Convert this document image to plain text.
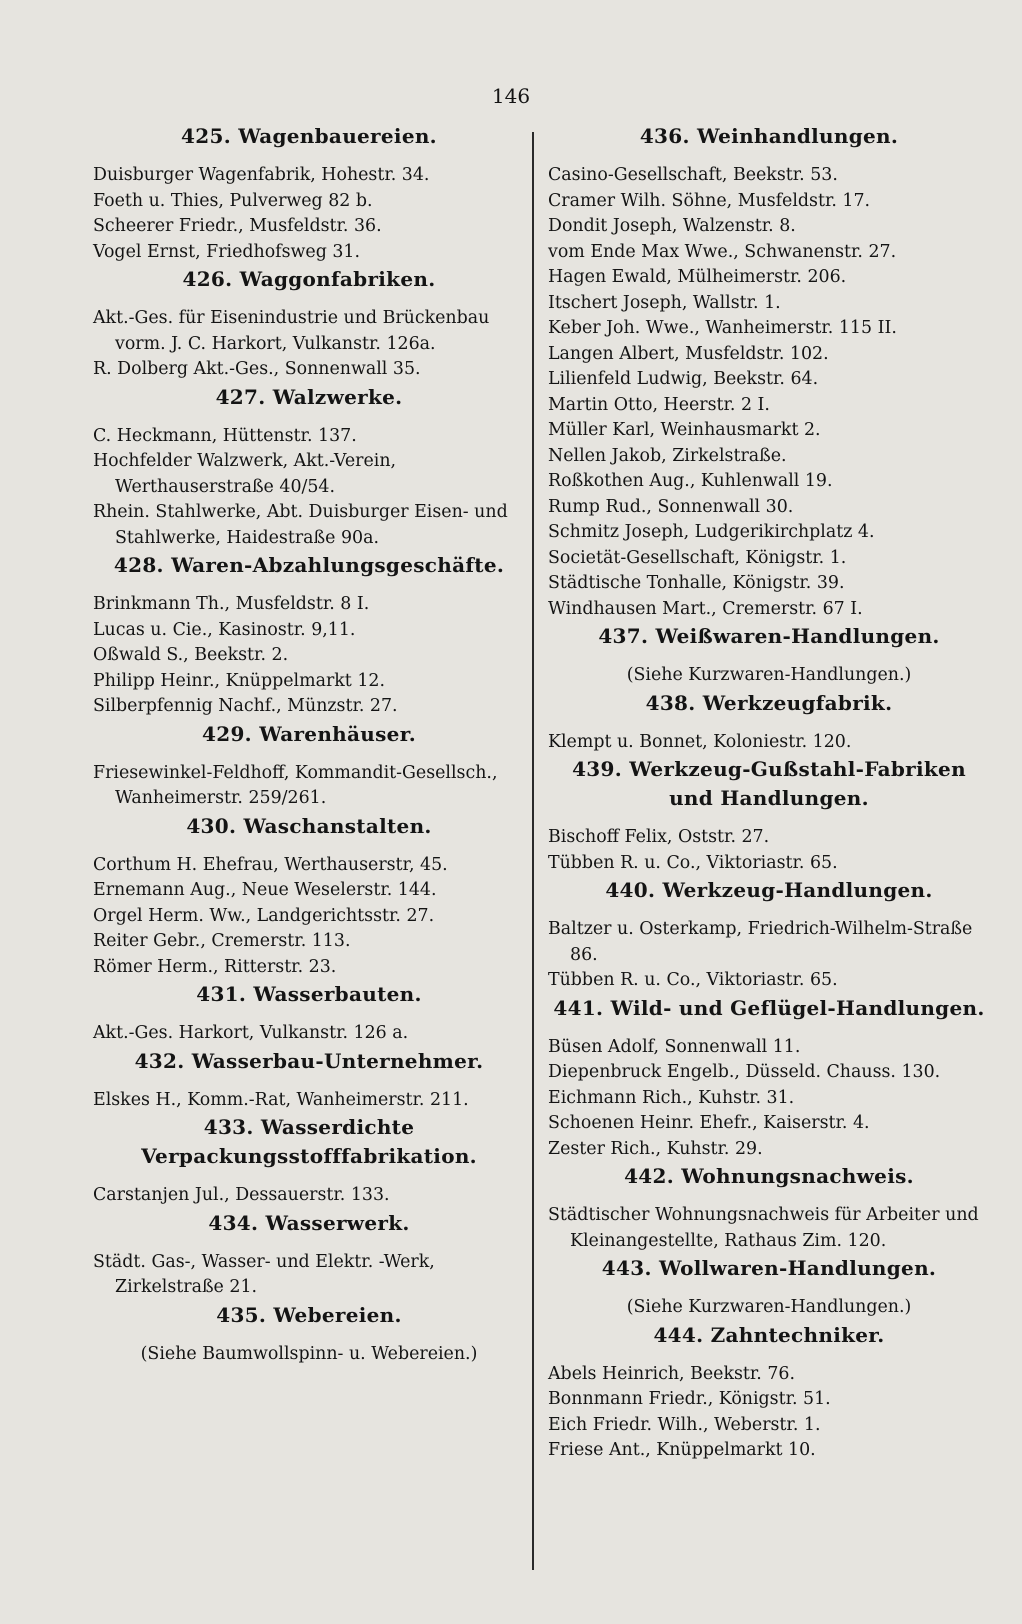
146
425. Wagenbauereien.
Duisburger Wagenfabrik, Hohestr. 34.
Foeth u. Thies, Pulverweg 82 b.
Scheerer Friedr., Musfeldstr. 36.
Vogel Ernst, Friedhofsweg 31.
426. Waggonfabriken.
Akt.-Ges. für Eisenindustrie und Brückenbau vorm. J. C. Harkort, Vulkanstr. 126a.
R. Dolberg Akt.-Ges., Sonnenwall 35.
427. Walzwerke.
C. Heckmann, Hüttenstr. 137.
Hochfelder Walzwerk, Akt.-Verein, Werthauserstraße 40/54.
Rhein. Stahlwerke, Abt. Duisburger Eisen- und Stahlwerke, Haidestraße 90a.
428. Waren-Abzahlungsgeschäfte.
Brinkmann Th., Musfeldstr. 8 I.
Lucas u. Cie., Kasinostr. 9,11.
Oßwald S., Beekstr. 2.
Philipp Heinr., Knüppelmarkt 12.
Silberpfennig Nachf., Münzstr. 27.
429. Warenhäuser.
Friesewinkel-Feldhoff, Kommandit-Gesellsch., Wanheimerstr. 259/261.
430. Waschanstalten.
Corthum H. Ehefrau, Werthauserstr, 45.
Ernemann Aug., Neue Weselerstr. 144.
Orgel Herm. Ww., Landgerichtsstr. 27.
Reiter Gebr., Cremerstr. 113.
Römer Herm., Ritterstr. 23.
431. Wasserbauten.
Akt.-Ges. Harkort, Vulkanstr. 126 a.
432. Wasserbau-Unternehmer.
Elskes H., Komm.-Rat, Wanheimerstr. 211.
433. Wasserdichte Verpackungsstofffabrikation.
Carstanjen Jul., Dessauerstr. 133.
434. Wasserwerk.
Städt. Gas-, Wasser- und Elektr. -Werk, Zirkelstraße 21.
435. Webereien.
(Siehe Baumwollspinn- u. Webereien.)
436. Weinhandlungen.
Casino-Gesellschaft, Beekstr. 53.
Cramer Wilh. Söhne, Musfeldstr. 17.
Dondit Joseph, Walzenstr. 8.
vom Ende Max Wwe., Schwanenstr. 27.
Hagen Ewald, Mülheimerstr. 206.
Itschert Joseph, Wallstr. 1.
Keber Joh. Wwe., Wanheimerstr. 115 II.
Langen Albert, Musfeldstr. 102.
Lilienfeld Ludwig, Beekstr. 64.
Martin Otto, Heerstr. 2 I.
Müller Karl, Weinhausmarkt 2.
Nellen Jakob, Zirkelstraße.
Roßkothen Aug., Kuhlenwall 19.
Rump Rud., Sonnenwall 30.
Schmitz Joseph, Ludgerikirchplatz 4.
Societät-Gesellschaft, Königstr. 1.
Städtische Tonhalle, Königstr. 39.
Windhausen Mart., Cremerstr. 67 I.
437. Weißwaren-Handlungen.
(Siehe Kurzwaren-Handlungen.)
438. Werkzeugfabrik.
Klempt u. Bonnet, Koloniestr. 120.
439. Werkzeug-Gußstahl-Fabriken und Handlungen.
Bischoff Felix, Oststr. 27.
Tübben R. u. Co., Viktoriastr. 65.
440. Werkzeug-Handlungen.
Baltzer u. Osterkamp, Friedrich-Wilhelm-Straße 86.
Tübben R. u. Co., Viktoriastr. 65.
441. Wild- und Geflügel-Handlungen.
Büsen Adolf, Sonnenwall 11.
Diepenbruck Engelb., Düsseld. Chauss. 130.
Eichmann Rich., Kuhstr. 31.
Schoenen Heinr. Ehefr., Kaiserstr. 4.
Zester Rich., Kuhstr. 29.
442. Wohnungsnachweis.
Städtischer Wohnungsnachweis für Arbeiter und Kleinangestellte, Rathaus Zim. 120.
443. Wollwaren-Handlungen.
(Siehe Kurzwaren-Handlungen.)
444. Zahntechniker.
Abels Heinrich, Beekstr. 76.
Bonnmann Friedr., Königstr. 51.
Eich Friedr. Wilh., Weberstr. 1.
Friese Ant., Knüppelmarkt 10.
